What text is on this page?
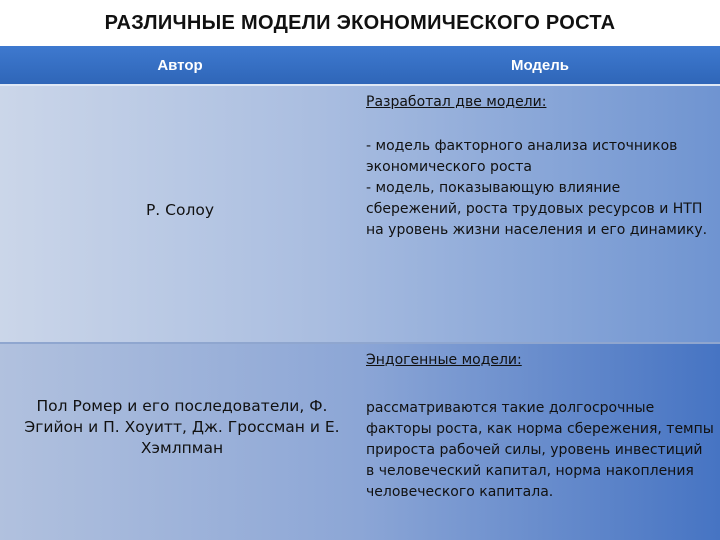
РАЗЛИЧНЫЕ МОДЕЛИ ЭКОНОМИЧЕСКОГО РОСТА
Автор	Модель
Р. Солоу
Разработал две модели:

- модель факторного анализа источников экономического роста
- модель, показывающую влияние сбережений, роста трудовых ресурсов и НТП на уровень жизни населения и его динамику.

Пол Ромер и его последователи, Ф. Эгийон и П. Хоуитт, Дж. Гроссман и Е. Хэмлпман
Эндогенные модели:

рассматриваются такие долгосрочные факторы роста, как норма сбережения, темпы прироста рабочей силы, уровень инвестиций в человеческий капитал, норма накопления человеческого капитала.
